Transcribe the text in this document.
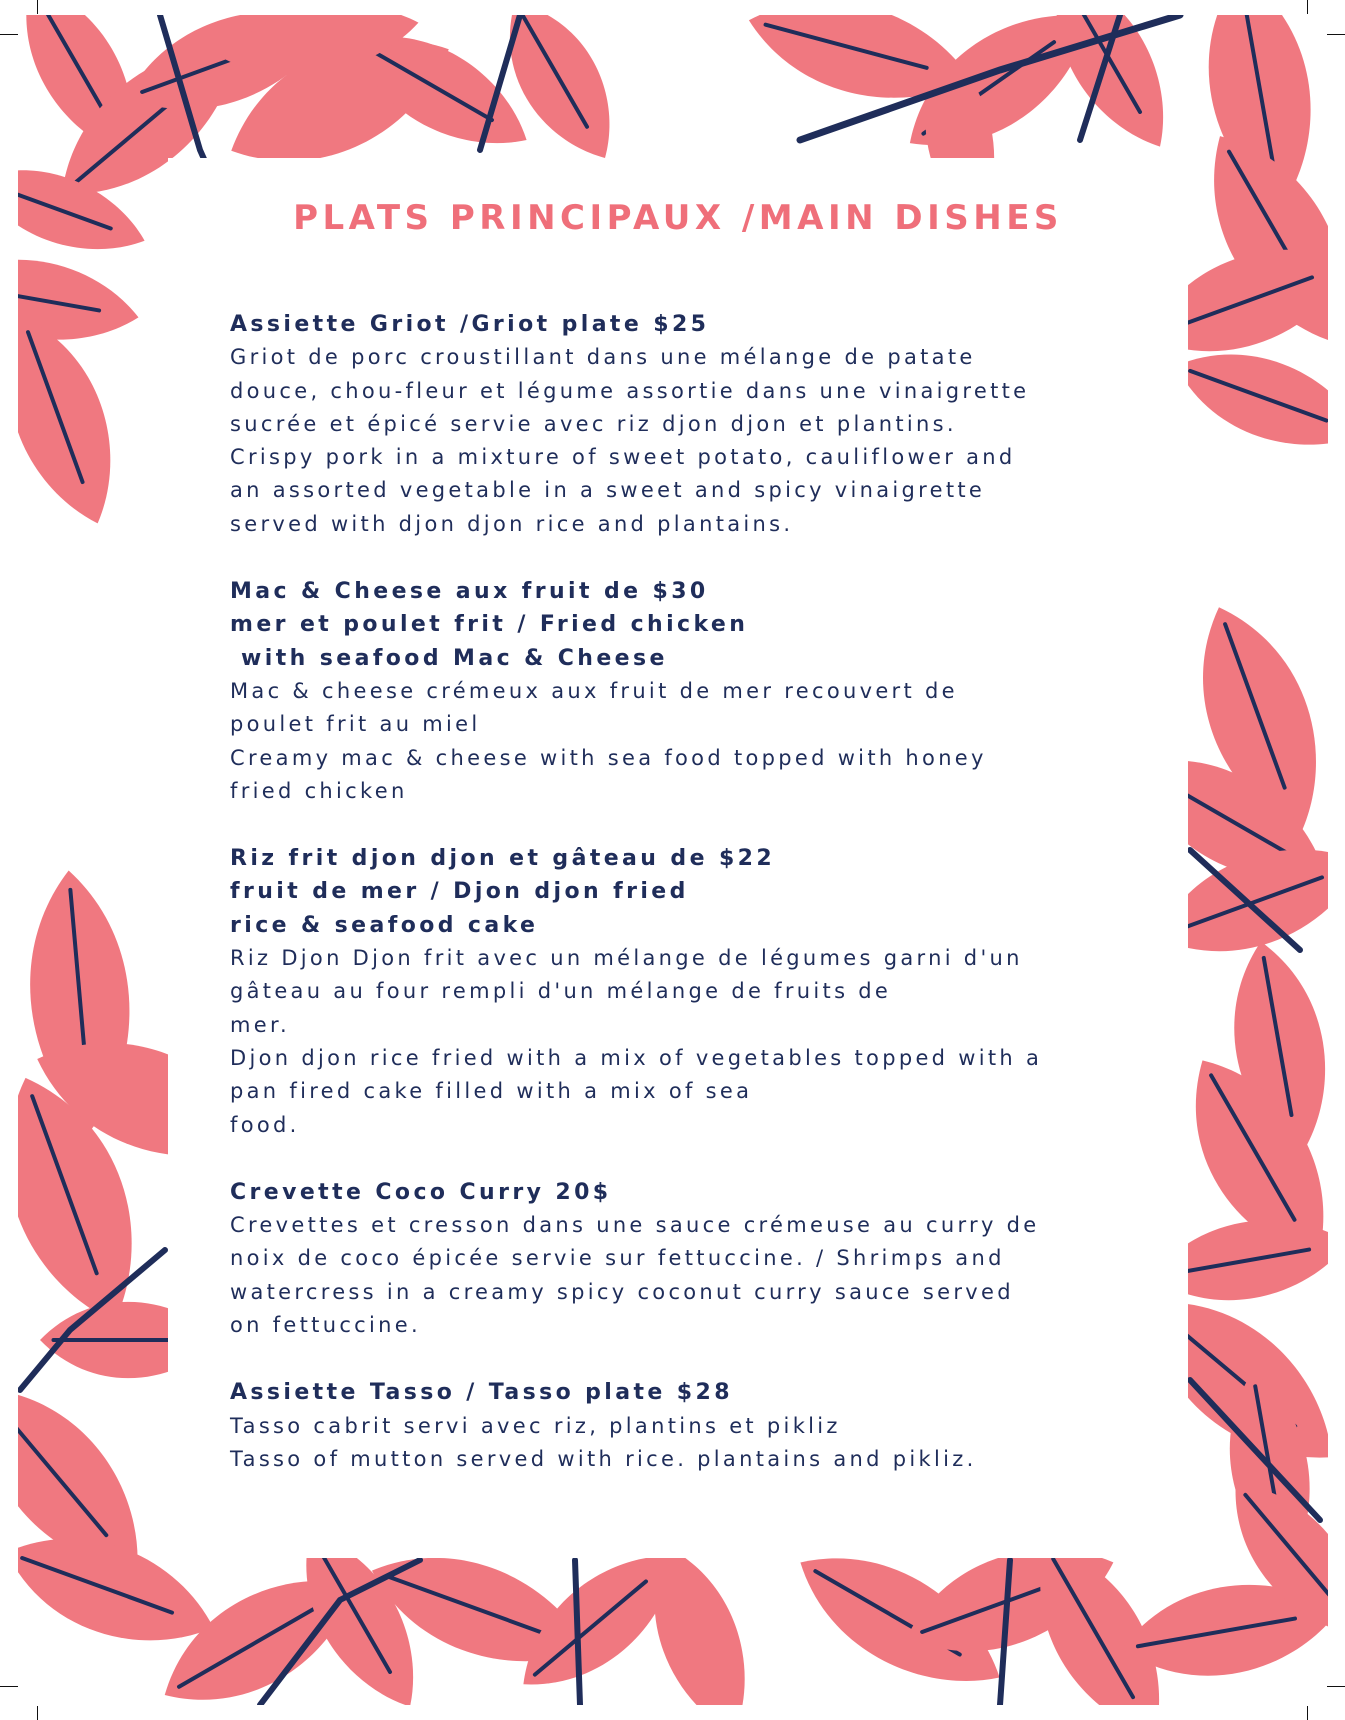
PLATS PRINCIPAUX /MAIN DISHES
Assiette Griot /Griot plate $25
Griot de porc croustillant dans une mélange de patate
douce, chou-fleur et légume assortie dans une vinaigrette
sucrée et épicé servie avec riz djon djon et plantins.
Crispy pork in a mixture of sweet potato, cauliflower and
an assorted vegetable in a sweet and spicy vinaigrette
served with djon djon rice and plantains.
Mac & Cheese aux fruit de $30
mer et poulet frit / Fried chicken
with seafood Mac & Cheese
Mac & cheese crémeux aux fruit de mer recouvert de
poulet frit au miel
Creamy mac & cheese with sea food topped with honey
fried chicken
Riz frit djon djon et gâteau de $22
fruit de mer / Djon djon fried
rice & seafood cake
Riz Djon Djon frit avec un mélange de légumes garni d'un
gâteau au four rempli d'un mélange de fruits de
mer.
Djon djon rice fried with a mix of vegetables topped with a
pan fired cake filled with a mix of sea
food.
Crevette Coco Curry 20$
Crevettes et cresson dans une sauce crémeuse au curry de
noix de coco épicée servie sur fettuccine. / Shrimps and
watercress in a creamy spicy coconut curry sauce served
on fettuccine.
Assiette Tasso / Tasso plate $28
Tasso cabrit servi avec riz, plantins et pikliz
Tasso of mutton served with rice. plantains and pikliz.
